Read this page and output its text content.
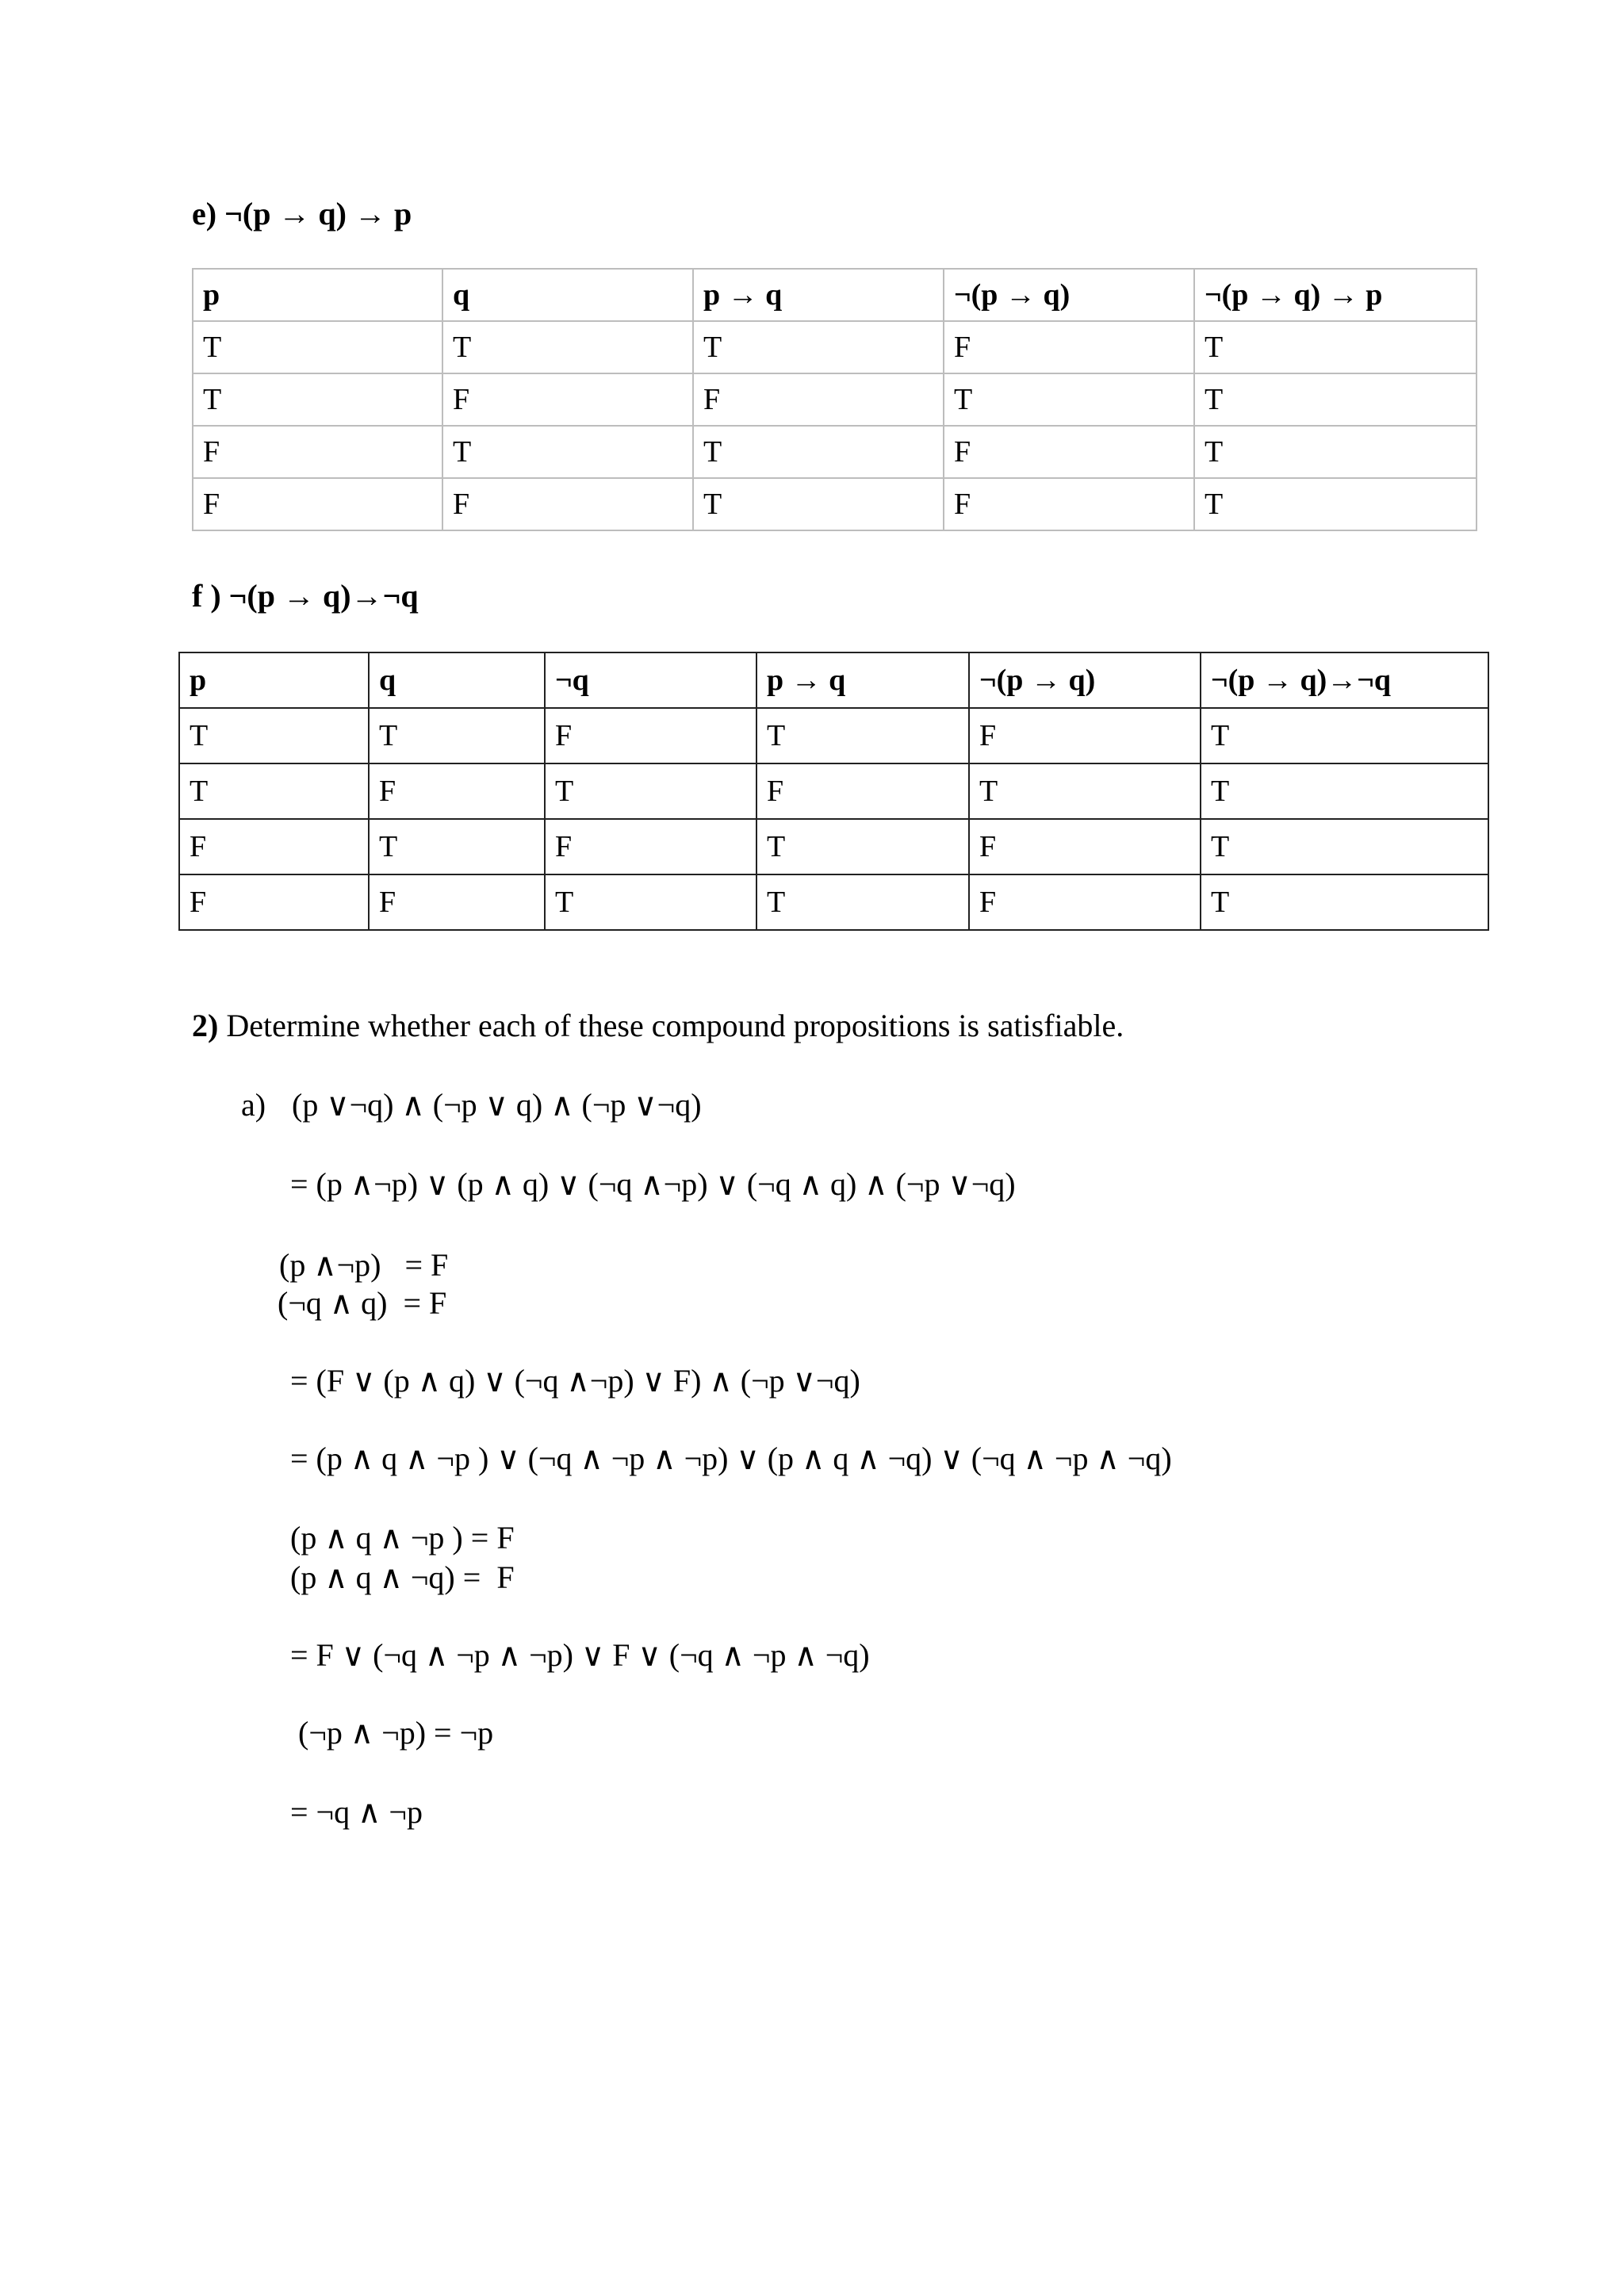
e) ¬(p → q) → p
p	q	p → q	¬(p → q)	¬(p → q) → p
T	T	T	F	T
T	F	F	T	T
F	T	T	F	T
F	F	T	F	T
f ) ¬(p → q)→¬q
p	q	¬q	p → q	¬(p → q)	¬(p → q)→¬q
T	T	F	T	F	T
T	F	T	F	T	T
F	T	F	T	F	T
F	F	T	T	F	T
2) Determine whether each of these compound propositions is satisfiable.
a) (p ∨¬q) ∧ (¬p ∨ q) ∧ (¬p ∨¬q)
= (p ∧¬p) ∨ (p ∧ q) ∨ (¬q ∧¬p) ∨ (¬q ∧ q) ∧ (¬p ∨¬q)
(p ∧¬p)   = F
(¬q ∧ q)  = F
= (F ∨ (p ∧ q) ∨ (¬q ∧¬p) ∨ F) ∧ (¬p ∨¬q)
= (p ∧ q ∧ ¬p ) ∨ (¬q ∧ ¬p ∧ ¬p) ∨ (p ∧ q ∧ ¬q) ∨ (¬q ∧ ¬p ∧ ¬q)
(p ∧ q ∧ ¬p ) = F
(p ∧ q ∧ ¬q) =  F
= F ∨ (¬q ∧ ¬p ∧ ¬p) ∨ F ∨ (¬q ∧ ¬p ∧ ¬q)
(¬p ∧ ¬p) = ¬p
= ¬q ∧ ¬p
